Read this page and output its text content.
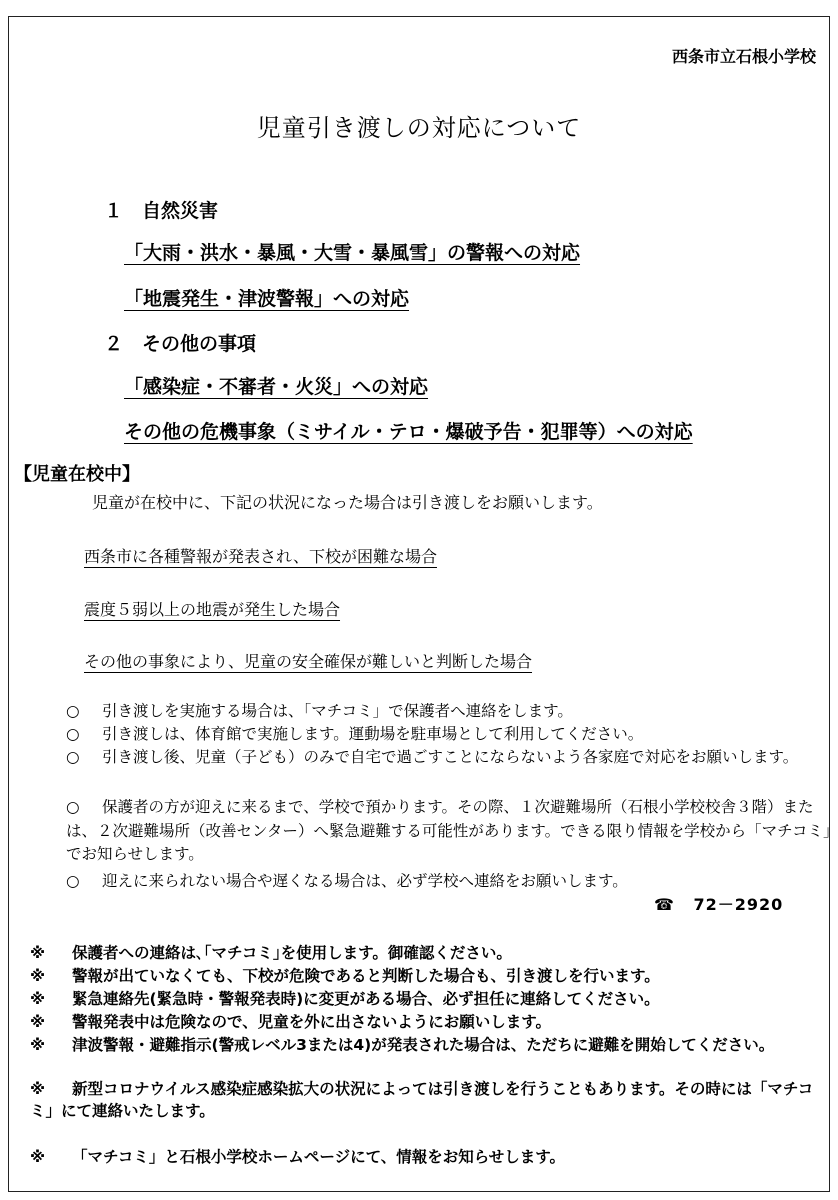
西条市立石根小学校
児童引き渡しの対応について
１　自然災害
「大雨・洪水・暴風・大雪・暴風雪」の警報への対応
「地震発生・津波警報」への対応
２　その他の事項
「感染症・不審者・火災」への対応
その他の危機事象（ミサイル・テロ・爆破予告・犯罪等）への対応
【児童在校中】
児童が在校中に、下記の状況になった場合は引き渡しをお願いします。
西条市に各種警報が発表され、下校が困難な場合
震度５弱以上の地震が発生した場合
その他の事象により、児童の安全確保が難しいと判断した場合
○ 引き渡しを実施する場合は、「マチコミ」で保護者へ連絡をします。
○ 引き渡しは、体育館で実施します。運動場を駐車場として利用してください。
○ 引き渡し後、児童（子ども）のみで自宅で過ごすことにならないよう各家庭で対応をお願いします。
○ 保護者の方が迎えに来るまで、学校で預かります。その際、１次避難場所（石根小学校校舎３階）または、２次避難場所（改善センター）へ緊急避難する可能性があります。できる限り情報を学校から「マチコミ」でお知らせします。
○ 迎えに来られない場合や遅くなる場合は、必ず学校へ連絡をお願いします。
☎ 72－2920
※ 保護者への連絡は､｢マチコミ｣を使用します。御確認ください。
※ 警報が出ていなくても、下校が危険であると判断した場合も、引き渡しを行います。
※ 緊急連絡先(緊急時・警報発表時)に変更がある場合、必ず担任に連絡してください。
※ 警報発表中は危険なので、児童を外に出さないようにお願いします。
※ 津波警報・避難指示(警戒レベル3または4)が発表された場合は、ただちに避難を開始してください。
※ 新型コロナウイルス感染症感染拡大の状況によっては引き渡しを行うこともあります。その時には「マチコミ」にて連絡いたします。
※ 「マチコミ」と石根小学校ホームページにて、情報をお知らせします。
